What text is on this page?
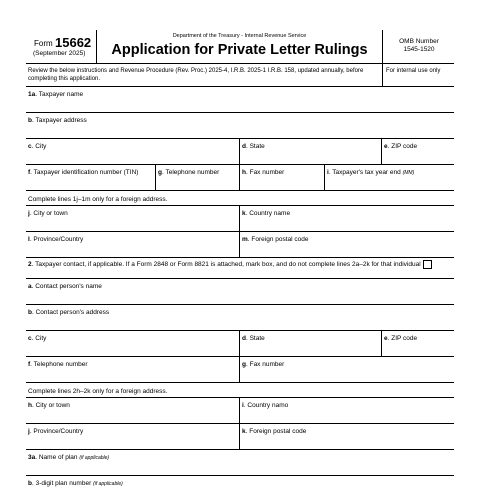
Form 15662
(September 2025)
Department of the Treasury - Internal Revenue Service
Application for Private Letter Rulings
OMB Number
1545-1520
Review the below instructions and Revenue Procedure (Rev. Proc.) 2025-4, I.R.B. 2025-1 I.R.B. 158, updated annually, before completing this application.
For internal use only
1a. Taxpayer name
b. Taxpayer address
c. City	d. State	e. ZIP code
f. Taxpayer identification number (TIN)	g. Telephone number	h. Fax number	i. Taxpayer's tax year end (MM)
Complete lines 1j–1m only for a foreign address.
j. City or town	k. Country name
l. Province/Country	m. Foreign postal code
2. Taxpayer contact, if applicable. If a Form 2848 or Form 8821 is attached, mark box, and do not complete lines 2a–2k for that individual
a. Contact person's name
b. Contact person's address
c. City	d. State	e. ZIP code
f. Telephone number	g. Fax number
Complete lines 2h–2k only for a foreign address.
h. City or town	i. Country namo
j. Province/Country	k. Foreign postal code
3a. Name of plan (if applicable)
b. 3-digit plan number (if applicable)
